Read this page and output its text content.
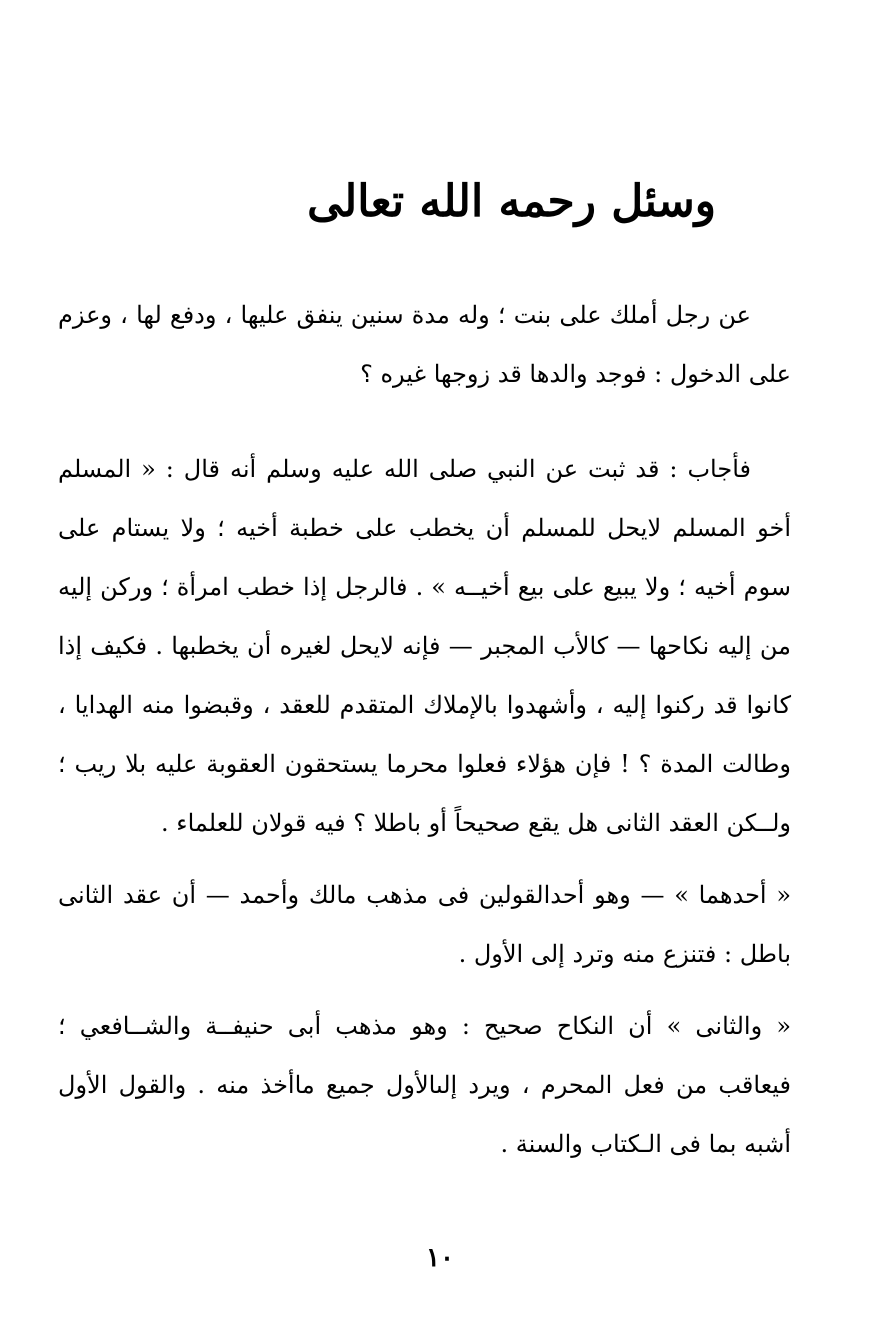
وسئل رحمه الله تعالى

عن رجل أملك على بنت ؛ وله مدة سنين ينفق عليها ، ودفع لها ، وعزم على الدخول : فوجد والدها قد زوجها غيره ؟

فأجاب : قد ثبت عن النبي صلى الله عليه وسلم أنه قال : « المسلم أخو المسلم لايحل للمسلم أن يخطب على خطبة أخيه ؛ ولا يستام على سوم أخيه ؛ ولا يبيع على بيع أخيــه » . فالرجل إذا خطب امرأة ؛ وركن إليه من إليه نكاحها — كالأب المجبر — فإنه لايحل لغيره أن يخطبها . فكيف إذا كانوا قد ركنوا إليه ، وأشهدوا بالإملاك المتقدم للعقد ، وقبضوا منه الهدايا ، وطالت المدة ؟ ! فإن هؤلاء فعلوا محرما يستحقون العقوبة عليه بلا ريب ؛ ولــكن العقد الثانى هل يقع صحيحاً أو باطلا ؟ فيه قولان للعلماء .

« أحدهما » — وهو أحدالقولين فى مذهب مالك وأحمد — أن عقد الثانى باطل : فتنزع منه وترد إلى الأول .

« والثانى » أن النكاح صحيح : وهو مذهب أبى حنيفــة والشــافعي ؛ فيعاقب من فعل المحرم ، ويرد إلىالأول جميع ماأخذ منه . والقول الأول أشبه بما فى الـكتاب والسنة .

١٠
